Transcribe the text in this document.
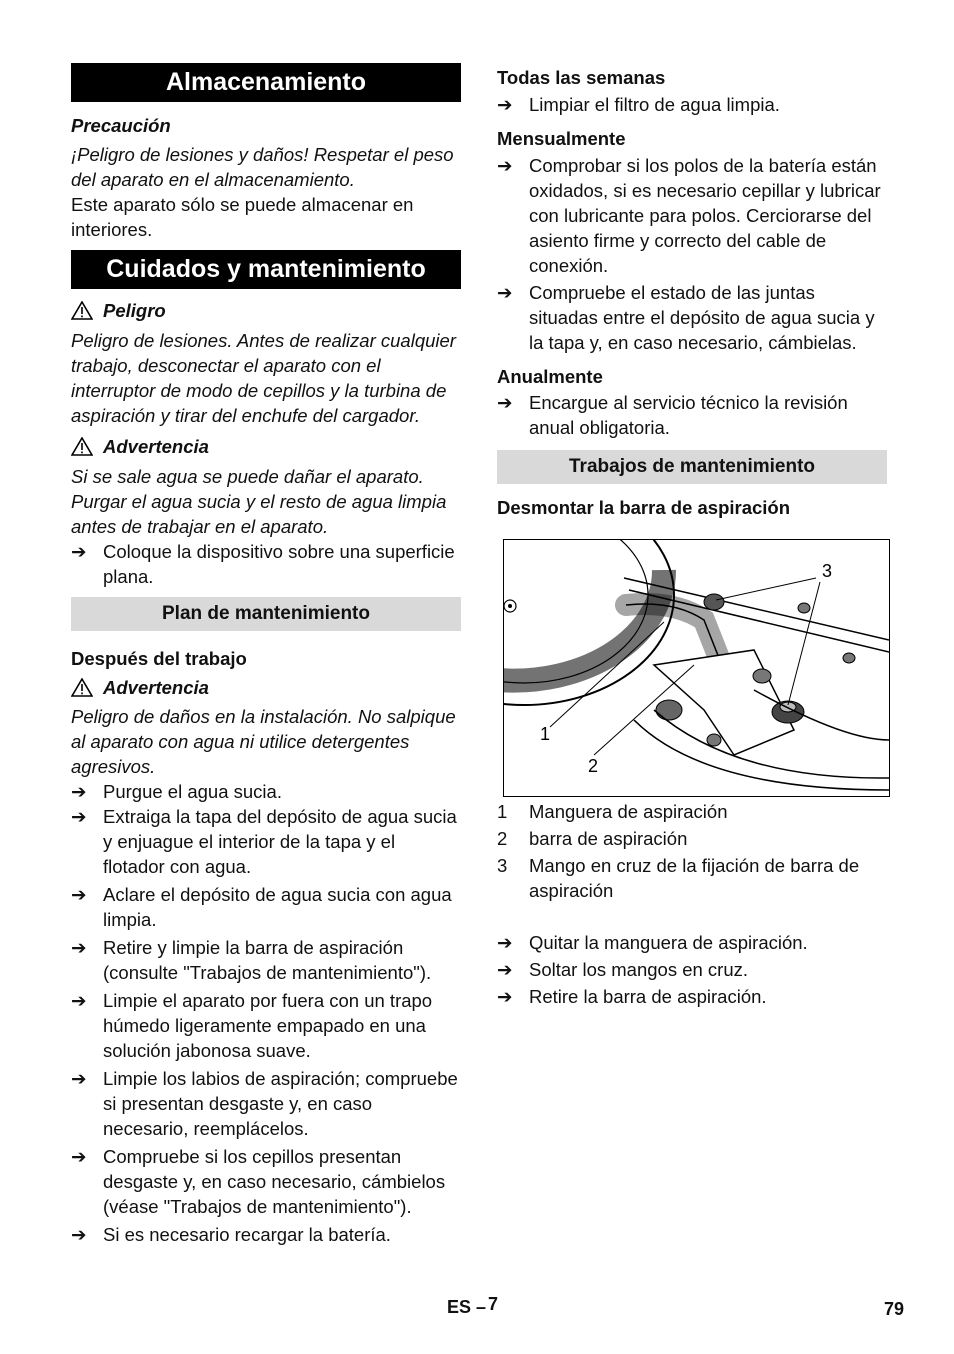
Almacenamiento

Precaución

¡Peligro de lesiones y daños! Respetar el peso del aparato en el almacenamiento.

Este aparato sólo se puede almacenar en interiores.

Cuidados y mantenimiento
Peligro

Peligro de lesiones. Antes de realizar cualquier trabajo, desconectar el aparato con el interruptor de modo de cepillos y la turbina de aspiración y tirar del enchufe del cargador.

Advertencia

Si se sale agua se puede dañar el aparato. Purgar el agua sucia y el resto de agua limpia antes de trabajar en el aparato.

➔ Coloque la dispositivo sobre una superficie plana.
Plan de mantenimiento

Después del trabajo

Advertencia

Peligro de daños en la instalación. No salpique al aparato con agua ni utilice detergentes agresivos.

➔ Purgue el agua sucia.
➔ Extraiga la tapa del depósito de agua sucia y enjuague el interior de la tapa y el flotador con agua.
➔ Aclare el depósito de agua sucia con agua limpia.
➔ Retire y limpie la barra de aspiración (consulte "Trabajos de mantenimiento").
➔ Limpie el aparato por fuera con un trapo húmedo ligeramente empapado en una solución jabonosa suave.
➔ Limpie los labios de aspiración; compruebe si presentan desgaste y, en caso necesario, reemplácelos.
➔ Compruebe si los cepillos presentan desgaste y, en caso necesario, cámbielos (véase "Trabajos de mantenimiento").
➔ Si es necesario recargar la batería.

Todas las semanas

➔ Limpiar el filtro de agua limpia.

Mensualmente

➔ Comprobar si los polos de la batería están oxidados, si es necesario cepillar y lubricar con lubricante para polos. Cerciorarse del asiento firme y correcto del cable de conexión.
➔ Compruebe el estado de las juntas situadas entre el depósito de agua sucia y la tapa y, en caso necesario, cámbielas.

Anualmente

➔ Encargue al servicio técnico la revisión anual obligatoria.
Trabajos de mantenimiento

Desmontar la barra de aspiración

1
2
3
1	Manguera de aspiración
2	barra de aspiración
3	Mango en cruz de la fijación de barra de aspiración
➔ Quitar la manguera de aspiración.
➔ Soltar los mangos en cruz.
➔ Retire la barra de aspiración.
ES – 7	79
